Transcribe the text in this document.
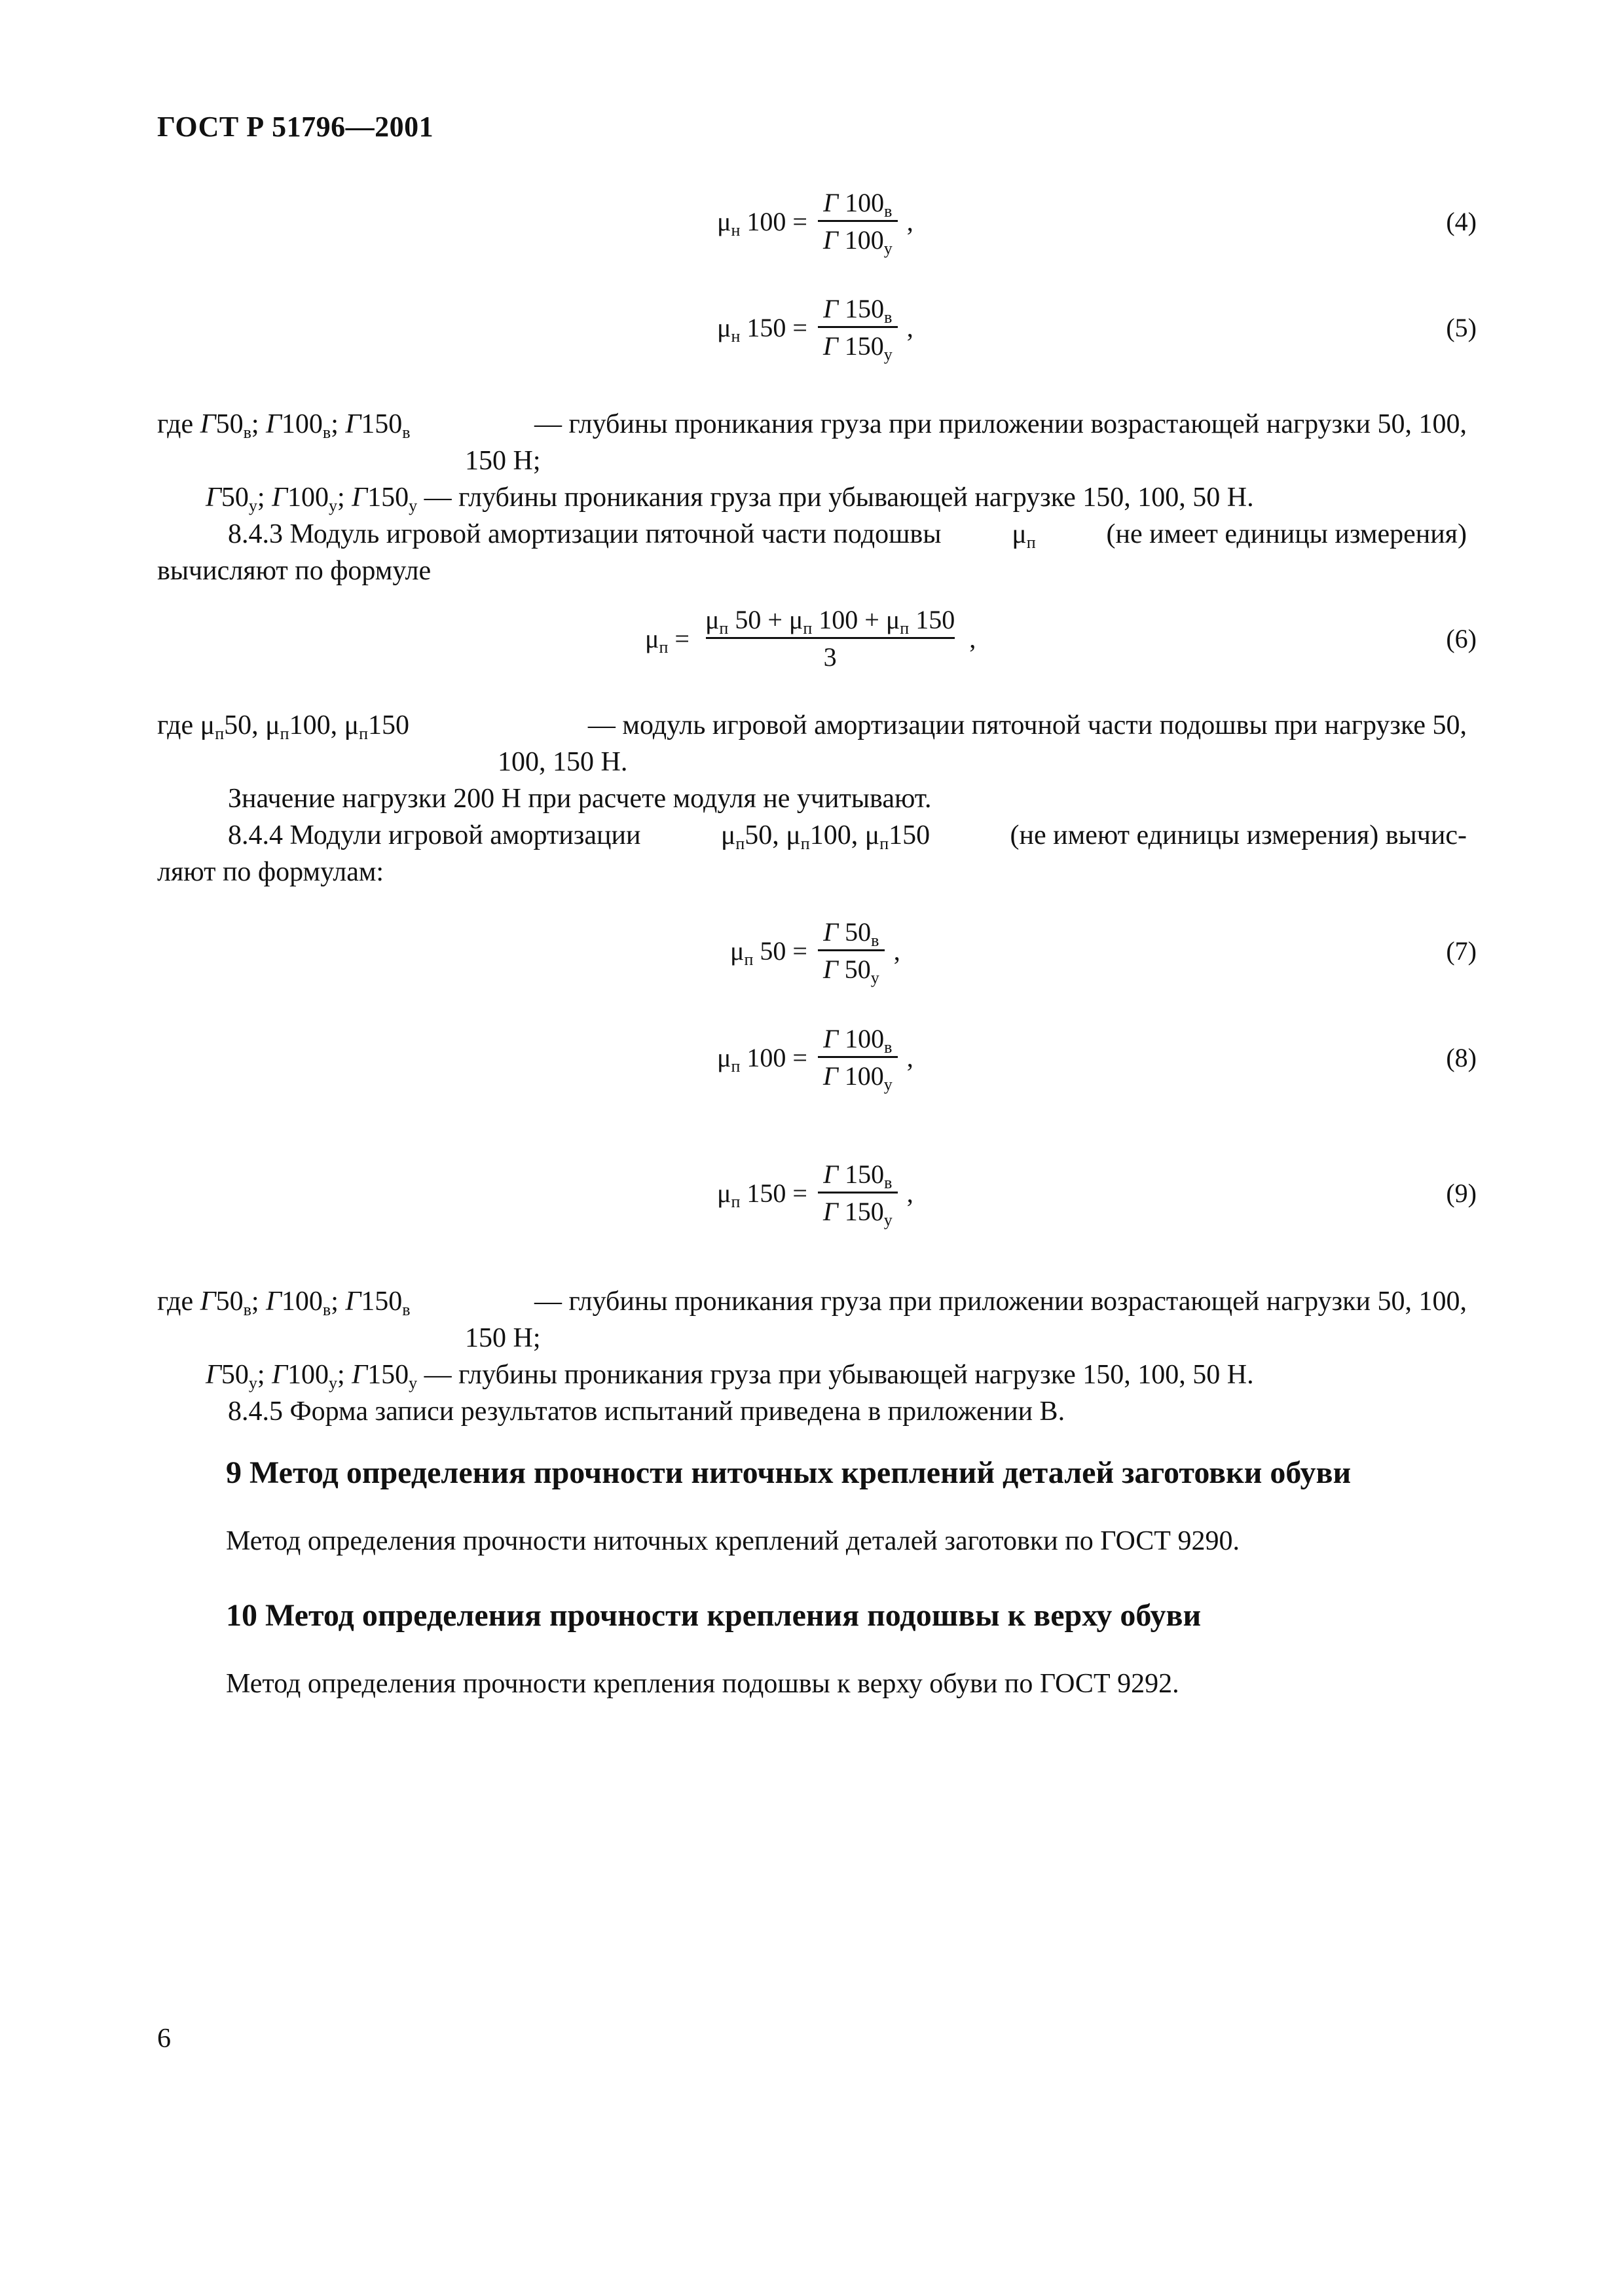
ГОСТ Р 51796—2001
$\mu_н$ $100 = \frac{Г 100_в}{Г 100_у}$ ,	(4)
$\mu_н$ $150 = \frac{Г 150_в}{Г 150_у}$ ,	(5)
где $Г50_в$; $Г100_в$; $Г150_в$	— глубины проникания груза при приложении возрастающей нагрузки 50, 100,
150 Н;
$Г50_у$; $Г100_у$; $Г150_у$ — глубины проникания груза при убывающей нагрузке 150, 100, 50 Н.
8.4.3 Модуль игровой амортизации пяточной части подошвы	$\mu_п$	(не имеет единицы измерения)
вычисляют по формуле
$\mu_п = \frac{\mu_п 50 + \mu_п 100 + \mu_п 150}{3}$ ,	(6)
где $\mu_п50$, $\mu_п100$, $\mu_п150$	— модуль игровой амортизации пяточной части подошвы при нагрузке 50,
100, 150 Н.
Значение нагрузки 200 Н при расчете модуля не учитывают.
8.4.4 Модули игровой амортизации	$\mu_п50$, $\mu_п100$, $\mu_п150$	(не имеют единицы измерения) вычис-
ляют по формулам:
$\mu_п$ $50 = \frac{Г 50_в}{Г 50_у}$ ,	(7)
$\mu_п$ $100 = \frac{Г 100_в}{Г 100_у}$ ,	(8)
$\mu_п$ $150 = \frac{Г 150_в}{Г 150_у}$ ,	(9)
где $Г50_в$; $Г100_в$; $Г150_в$	— глубины проникания груза при приложении возрастающей нагрузки 50, 100,
150 Н;
$Г50_у$; $Г100_у$; $Г150_у$ — глубины проникания груза при убывающей нагрузке 150, 100, 50 Н.
8.4.5 Форма записи результатов испытаний приведена в приложении В.
9 Метод определения прочности ниточных креплений деталей заготовки обуви
Метод определения прочности ниточных креплений деталей заготовки по ГОСТ 9290.
10 Метод определения прочности крепления подошвы к верху обуви
Метод определения прочности крепления подошвы к верху обуви по ГОСТ 9292.
6
